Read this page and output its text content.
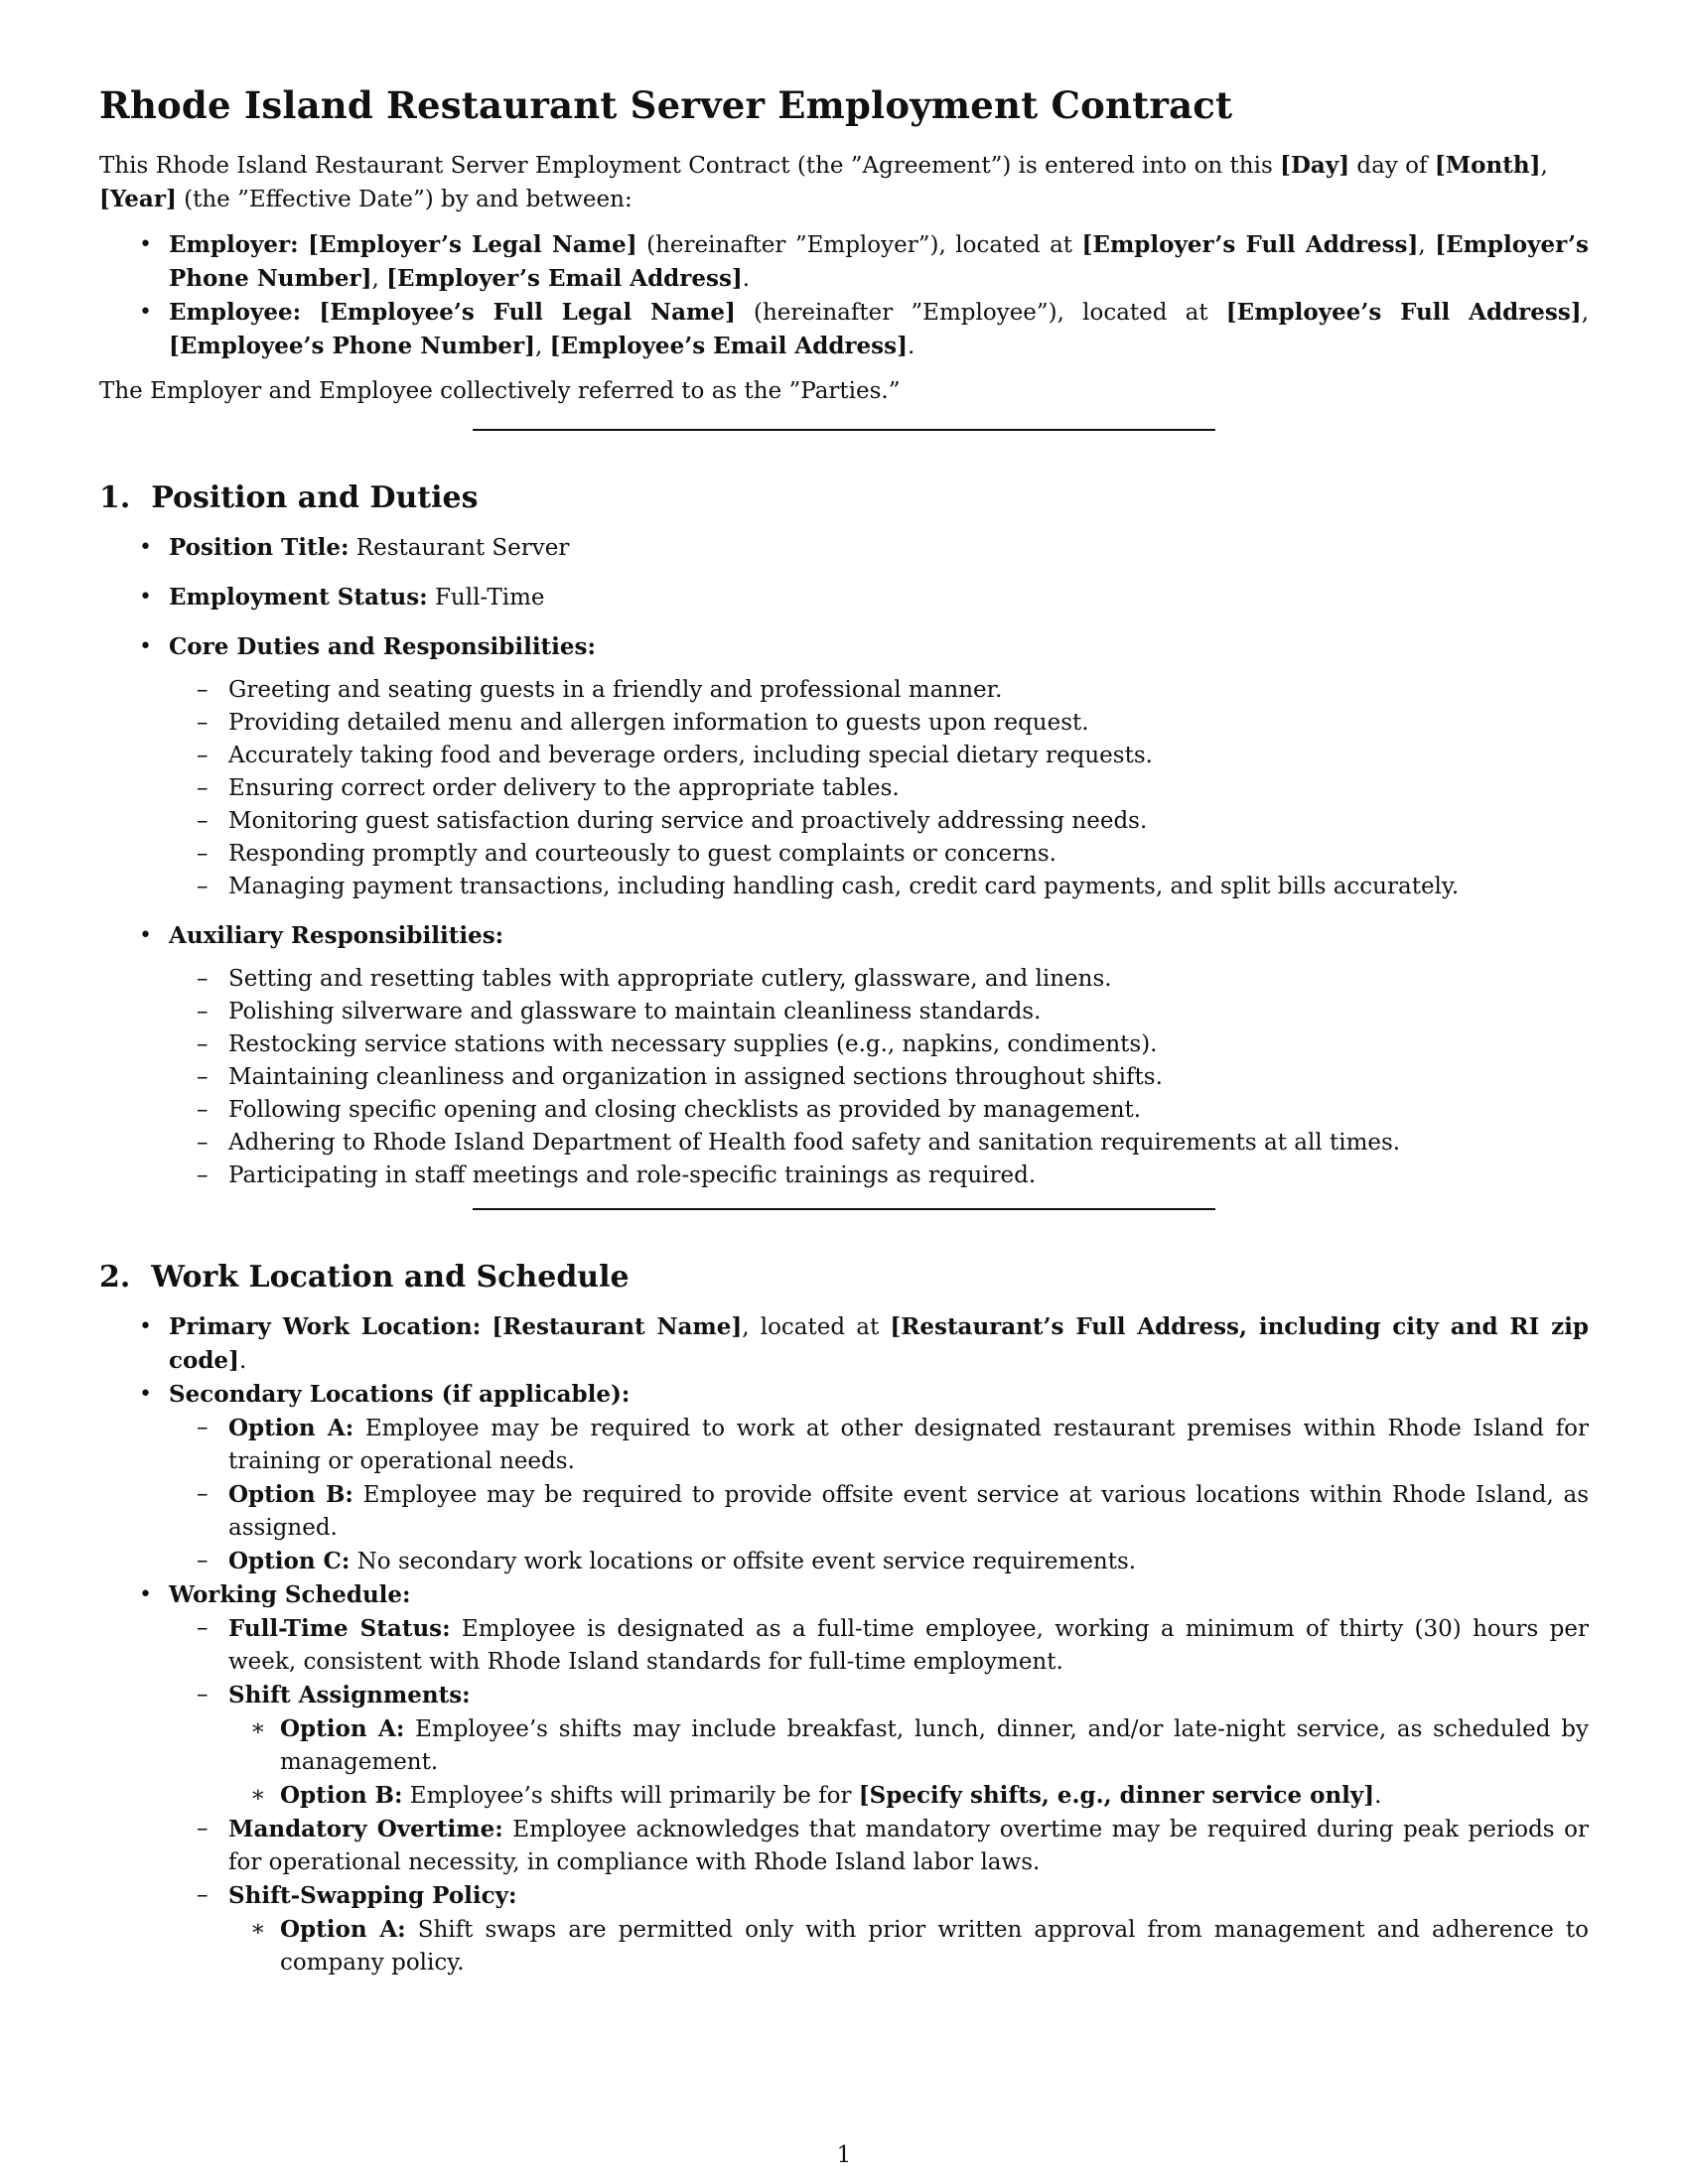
Rhode Island Restaurant Server Employment Contract

This Rhode Island Restaurant Server Employment Contract (the ”Agreement”) is entered into on this [Day] day of [Month],
[Year] (the ”Effective Date”) by and between:

• Employer: [Employer’s Legal Name] (hereinafter ”Employer”), located at [Employer’s Full Address], [Employer’s Phone Number], [Employer’s Email Address].
• Employee: [Employee’s Full Legal Name] (hereinafter ”Employee”), located at [Employee’s Full Address], [Employee’s Phone Number], [Employee’s Email Address].

The Employer and Employee collectively referred to as the ”Parties.”

1.  Position and Duties
• Position Title: Restaurant Server
• Employment Status: Full-Time
• Core Duties and Responsibilities:
– Greeting and seating guests in a friendly and professional manner.
– Providing detailed menu and allergen information to guests upon request.
– Accurately taking food and beverage orders, including special dietary requests.
– Ensuring correct order delivery to the appropriate tables.
– Monitoring guest satisfaction during service and proactively addressing needs.
– Responding promptly and courteously to guest complaints or concerns.
– Managing payment transactions, including handling cash, credit card payments, and split bills accurately.
• Auxiliary Responsibilities:
– Setting and resetting tables with appropriate cutlery, glassware, and linens.
– Polishing silverware and glassware to maintain cleanliness standards.
– Restocking service stations with necessary supplies (e.g., napkins, condiments).
– Maintaining cleanliness and organization in assigned sections throughout shifts.
– Following specific opening and closing checklists as provided by management.
– Adhering to Rhode Island Department of Health food safety and sanitation requirements at all times.
– Participating in staff meetings and role-specific trainings as required.
2.  Work Location and Schedule
• Primary Work Location: [Restaurant Name], located at [Restaurant’s Full Address, including city and RI zip code].
• Secondary Locations (if applicable):
– Option A: Employee may be required to work at other designated restaurant premises within Rhode Island for training or operational needs.
– Option B: Employee may be required to provide offsite event service at various locations within Rhode Island, as assigned.
– Option C: No secondary work locations or offsite event service requirements.
• Working Schedule:
– Full-Time Status: Employee is designated as a full-time employee, working a minimum of thirty (30) hours per week, consistent with Rhode Island standards for full-time employment.
– Shift Assignments:
∗ Option A: Employee’s shifts may include breakfast, lunch, dinner, and/or late-night service, as scheduled by management.
∗ Option B: Employee’s shifts will primarily be for [Specify shifts, e.g., dinner service only].
– Mandatory Overtime: Employee acknowledges that mandatory overtime may be required during peak periods or for operational necessity, in compliance with Rhode Island labor laws.
– Shift-Swapping Policy:
∗ Option A: Shift swaps are permitted only with prior written approval from management and adherence to company policy.
1
